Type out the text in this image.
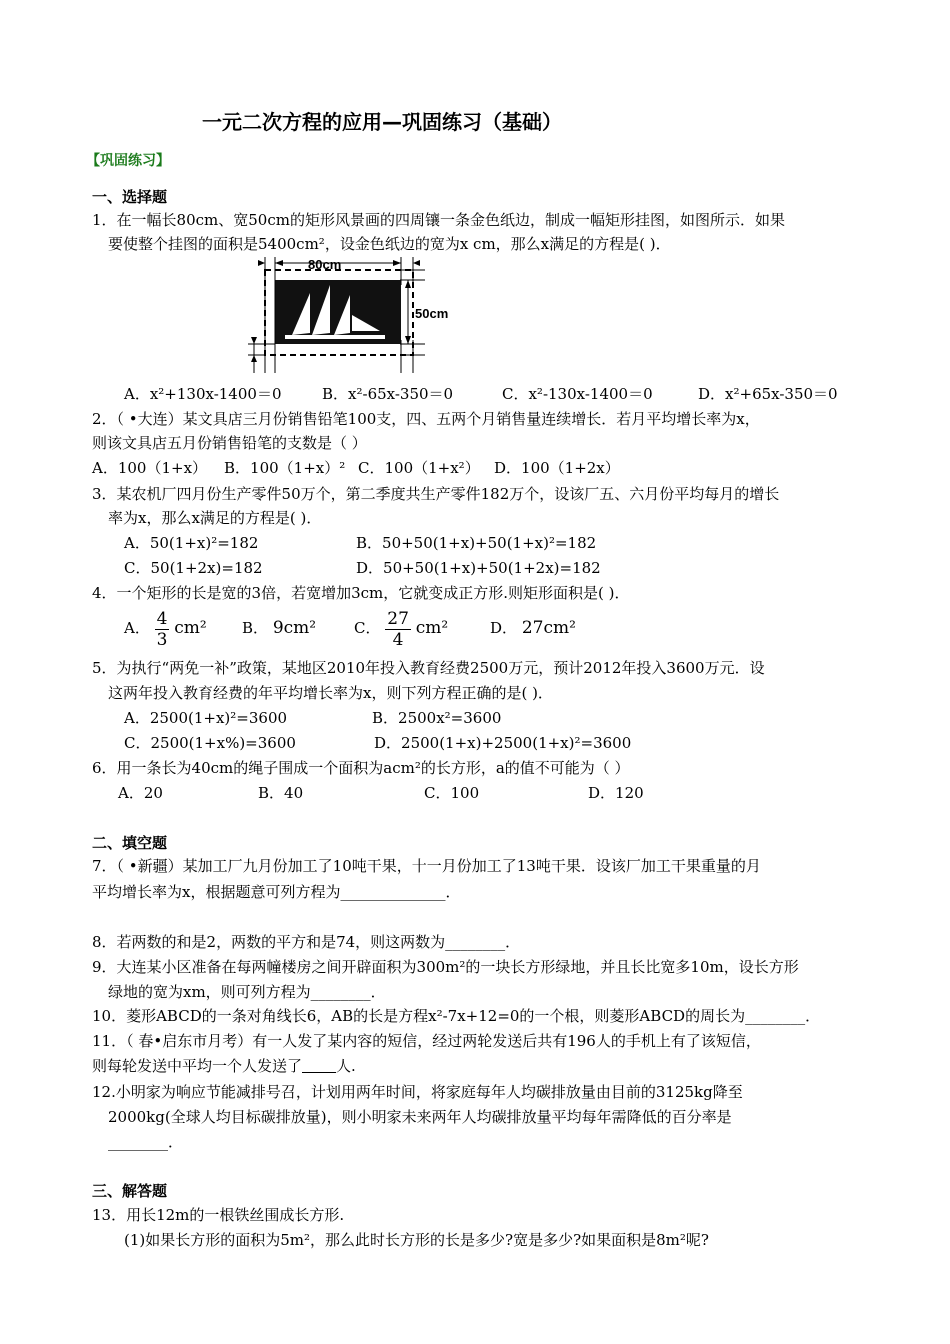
一元二次方程的应用—巩固练习（基础）
【巩固练习】
一、选择题
1．在一幅长80cm、宽50cm的矩形风景画的四周镶一条金色纸边，制成一幅矩形挂图，如图所示．如果
要使整个挂图的面积是5400cm²，设金色纸边的宽为x cm，那么x满足的方程是( )．
80cm
50cm
A．x²+130x-1400＝0	B．x²-65x-350＝0	C．x²-130x-1400＝0	D．x²+65x-350＝0
2．（ •大连）某文具店三月份销售铅笔100支，四、五两个月销售量连续增长．若月平均增长率为x，
则该文具店五月份销售铅笔的支数是（ ）
A．100（1+x） B．100（1+x）² C．100（1+x²） D．100（1+2x）
3．某农机厂四月份生产零件50万个，第二季度共生产零件182万个，设该厂五、六月份平均每月的增长
率为x，那么x满足的方程是( )．
A．50(1+x)²=182	B．50+50(1+x)+50(1+x)²=182
C．50(1+2x)=182	D．50+50(1+x)+50(1+2x)=182
4．一个矩形的长是宽的3倍，若宽增加3cm，它就变成正方形.则矩形面积是( )．
A． $\frac{4}{3} cm^2$ B． 9cm²	C． $\frac{27}{4} cm^2$	D． 27cm²
5．为执行“两免一补”政策，某地区2010年投入教育经费2500万元，预计2012年投入3600万元．设
这两年投入教育经费的年平均增长率为x，则下列方程正确的是( )．
A．2500(1+x)²=3600	B．2500x²=3600
C．2500(1+x%)=3600	D．2500(1+x)+2500(1+x)²=3600
6．用一条长为40cm的绳子围成一个面积为acm²的长方形，a的值不可能为（ ）
A．20	B．40	C．100	D．120
二、填空题
7．（ •新疆）某加工厂九月份加工了10吨干果，十一月份加工了13吨干果．设该厂加工干果重量的月
平均增长率为x，根据题意可列方程为______________．
8．若两数的和是2，两数的平方和是74，则这两数为________．
9．大连某小区准备在每两幢楼房之间开辟面积为300m²的一块长方形绿地，并且长比宽多10m，设长方形
绿地的宽为xm，则可列方程为________．
10．菱形ABCD的一条对角线长6，AB的长是方程x²-7x+12=0的一个根，则菱形ABCD的周长为________．
11．（ 春•启东市月考）有一人发了某内容的短信，经过两轮发送后共有196人的手机上有了该短信，
则每轮发送中平均一个人发送了 人.
12.小明家为响应节能减排号召，计划用两年时间，将家庭每年人均碳排放量由目前的3125kg降至
2000kg(全球人均目标碳排放量)，则小明家未来两年人均碳排放量平均每年需降低的百分率是
________．
三、解答题
13．用长12m的一根铁丝围成长方形.
(1)如果长方形的面积为5m²，那么此时长方形的长是多少?宽是多少?如果面积是8m²呢?
